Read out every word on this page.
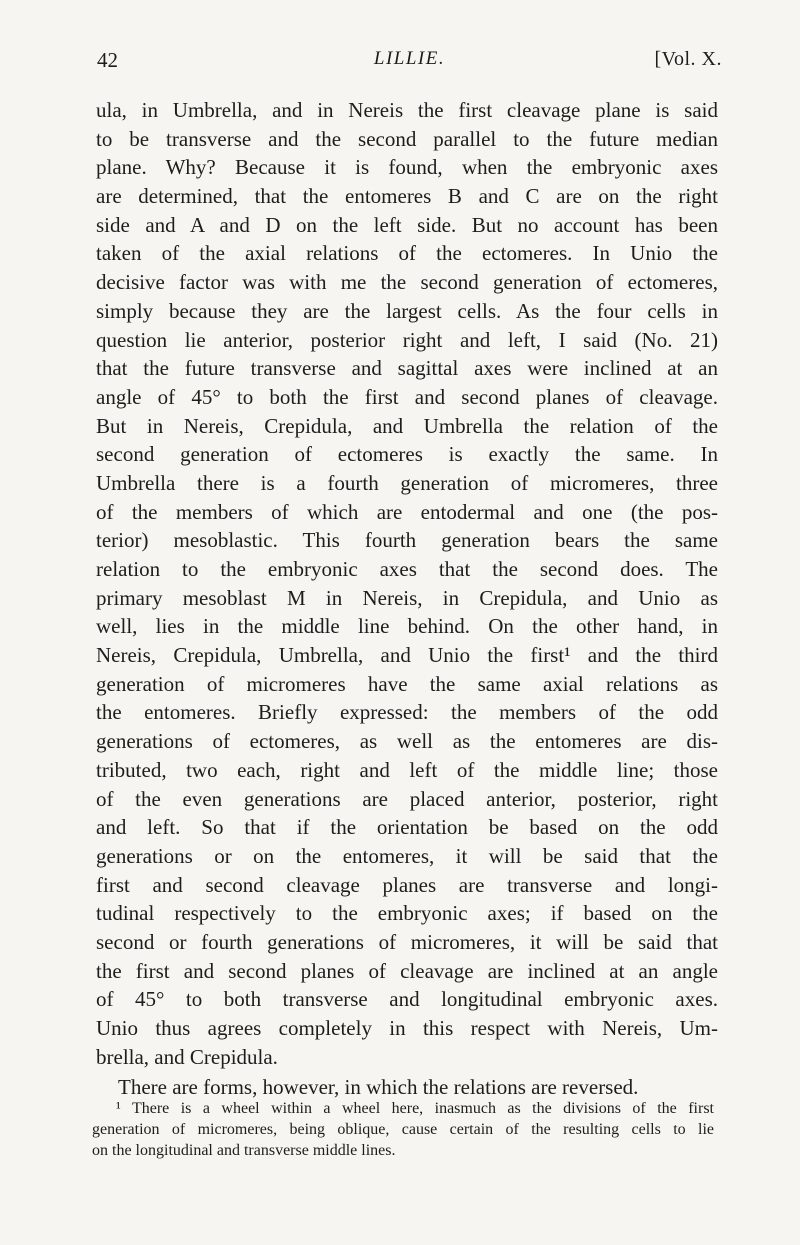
42	LILLIE.	[Vol. X.
ula, in Umbrella, and in Nereis the first cleavage plane is said
to be transverse and the second parallel to the future median
plane. Why? Because it is found, when the embryonic axes
are determined, that the entomeres B and C are on the right
side and A and D on the left side. But no account has been
taken of the axial relations of the ectomeres. In Unio the
decisive factor was with me the second generation of ectomeres,
simply because they are the largest cells. As the four cells in
question lie anterior, posterior right and left, I said (No. 21)
that the future transverse and sagittal axes were inclined at an
angle of 45° to both the first and second planes of cleavage.
But in Nereis, Crepidula, and Umbrella the relation of the
second generation of ectomeres is exactly the same. In
Umbrella there is a fourth generation of micromeres, three
of the members of which are entodermal and one (the pos-
terior) mesoblastic. This fourth generation bears the same
relation to the embryonic axes that the second does. The
primary mesoblast M in Nereis, in Crepidula, and Unio as
well, lies in the middle line behind. On the other hand, in
Nereis, Crepidula, Umbrella, and Unio the first¹ and the third
generation of micromeres have the same axial relations as
the entomeres. Briefly expressed: the members of the odd
generations of ectomeres, as well as the entomeres are dis-
tributed, two each, right and left of the middle line; those
of the even generations are placed anterior, posterior, right
and left. So that if the orientation be based on the odd
generations or on the entomeres, it will be said that the
first and second cleavage planes are transverse and longi-
tudinal respectively to the embryonic axes; if based on the
second or fourth generations of micromeres, it will be said that
the first and second planes of cleavage are inclined at an angle
of 45° to both transverse and longitudinal embryonic axes.
Unio thus agrees completely in this respect with Nereis, Um-
brella, and Crepidula.
There are forms, however, in which the relations are reversed.
¹ There is a wheel within a wheel here, inasmuch as the divisions of the first
generation of micromeres, being oblique, cause certain of the resulting cells to lie
on the longitudinal and transverse middle lines.
